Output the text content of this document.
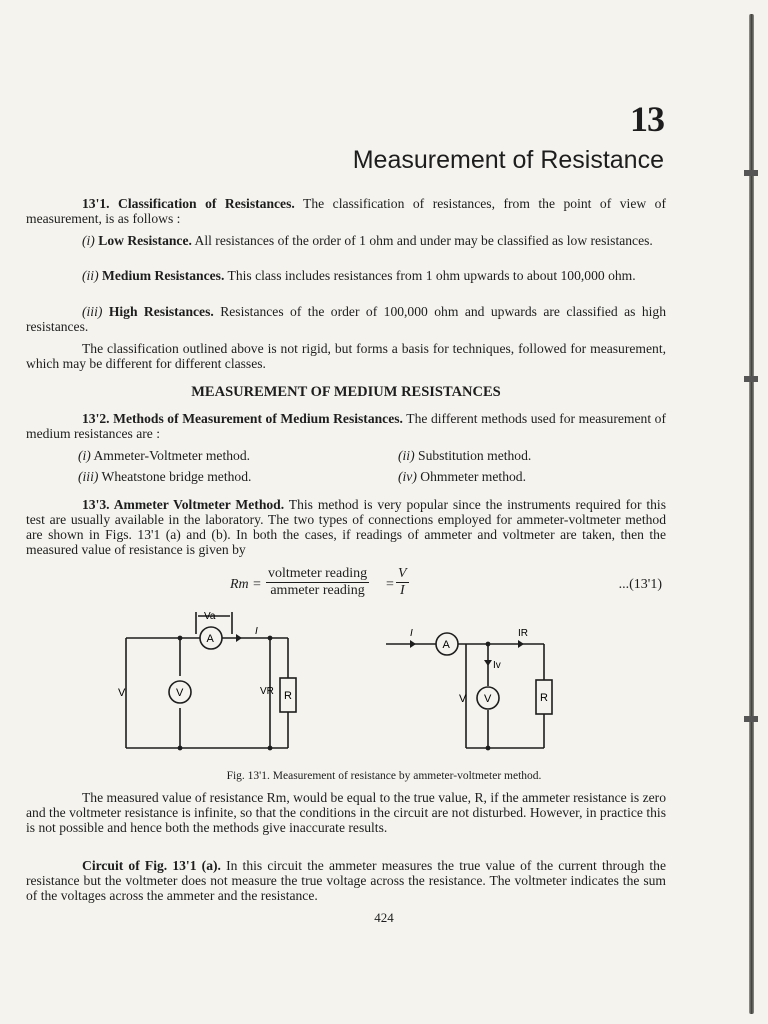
13
Measurement of Resistance
13'1. Classification of Resistances. The classification of resistances, from the point of view of measurement, is as follows :
(i) Low Resistance. All resistances of the order of 1 ohm and under may be classified as low resistances.
(ii) Medium Resistances. This class includes resistances from 1 ohm upwards to about 100,000 ohm.
(iii) High Resistances. Resistances of the order of 100,000 ohm and upwards are classified as high resistances.
The classification outlined above is not rigid, but forms a basis for techniques, followed for measurement, which may be different for different classes.
MEASUREMENT OF MEDIUM RESISTANCES
13'2. Methods of Measurement of Medium Resistances. The different methods used for measurement of medium resistances are :
(i) Ammeter-Voltmeter method.	(ii) Substitution method.
(iii) Wheatstone bridge method.	(iv) Ohmmeter method.
13'3. Ammeter Voltmeter Method. This method is very popular since the instruments required for this test are usually available in the laboratory. The two types of connections employed for ammeter-voltmeter method are shown in Figs. 13'1 (a) and (b). In both the cases, if readings of ammeter and voltmeter are taken, then the measured value of resistance is given by
Rm =
voltmeter reading
ammeter reading	= $\frac{V}{I}$	...(13'1)
Va
A
V
V	VR R
I	I
A
IR
Iv
V V	R
Fig. 13'1. Measurement of resistance by ammeter-voltmeter method.
The measured value of resistance Rm, would be equal to the true value, R, if the ammeter resistance is zero and the voltmeter resistance is infinite, so that the conditions in the circuit are not disturbed. However, in practice this is not possible and hence both the methods give inaccurate results.
Circuit of Fig. 13'1 (a). In this circuit the ammeter measures the true value of the current through the resistance but the voltmeter does not measure the true voltage across the resistance. The voltmeter indicates the sum of the voltages across the ammeter and the resistance.
424
